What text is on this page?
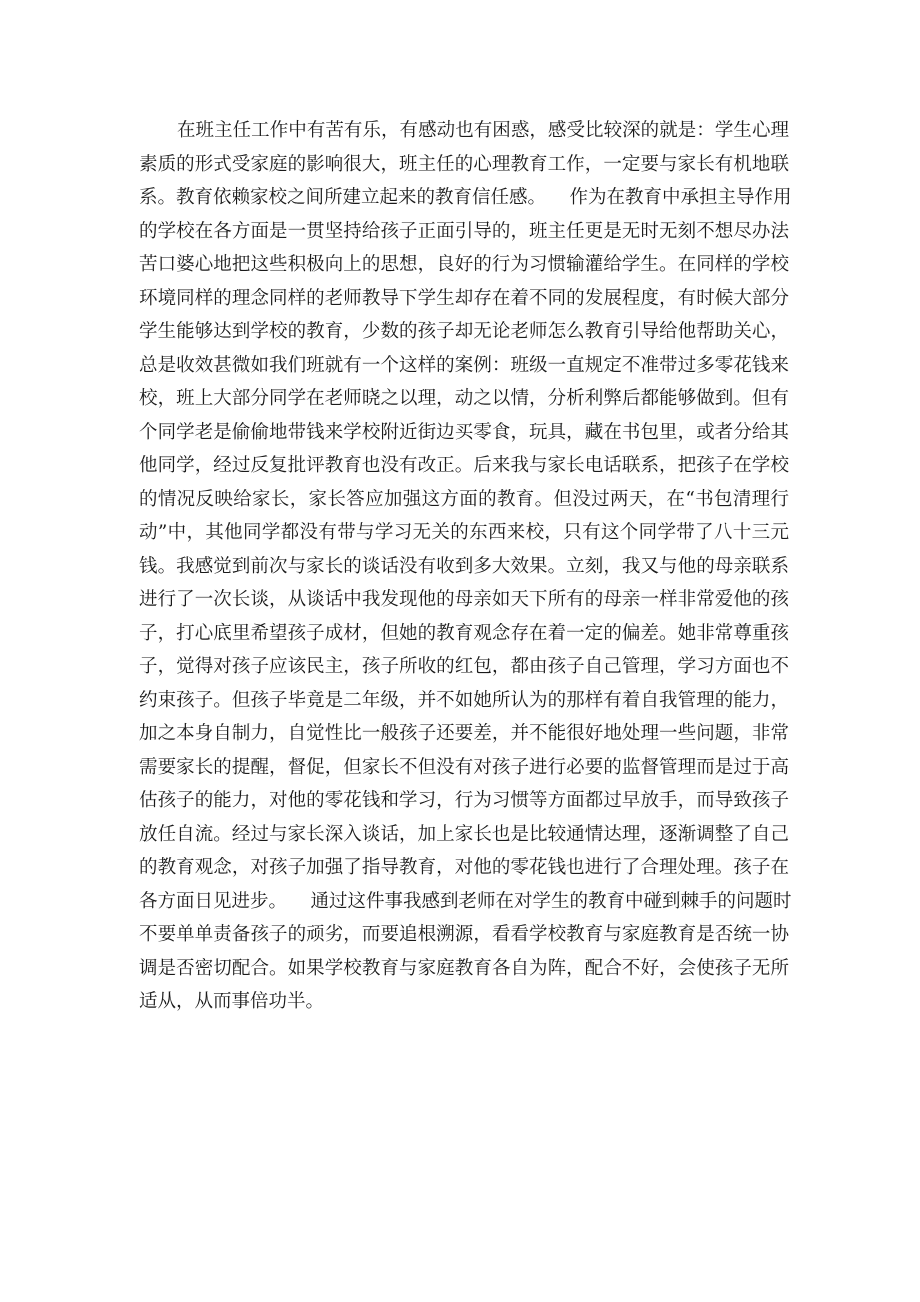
在班主任工作中有苦有乐，有感动也有困惑，感受比较深的就是：学生心理
素质的形式受家庭的影响很大，班主任的心理教育工作，一定要与家长有机地联
系。教育依赖家校之间所建立起来的教育信任感。    作为在教育中承担主导作用
的学校在各方面是一贯坚持给孩子正面引导的，班主任更是无时无刻不想尽办法
苦口婆心地把这些积极向上的思想，良好的行为习惯输灌给学生。在同样的学校
环境同样的理念同样的老师教导下学生却存在着不同的发展程度，有时候大部分
学生能够达到学校的教育，少数的孩子却无论老师怎么教育引导给他帮助关心，
总是收效甚微如我们班就有一个这样的案例：班级一直规定不准带过多零花钱来
校，班上大部分同学在老师晓之以理，动之以情，分析利弊后都能够做到。但有
个同学老是偷偷地带钱来学校附近街边买零食，玩具，藏在书包里，或者分给其
他同学，经过反复批评教育也没有改正。后来我与家长电话联系，把孩子在学校
的情况反映给家长，家长答应加强这方面的教育。但没过两天，在“书包清理行
动”中，其他同学都没有带与学习无关的东西来校，只有这个同学带了八十三元
钱。我感觉到前次与家长的谈话没有收到多大效果。立刻，我又与他的母亲联系
进行了一次长谈，从谈话中我发现他的母亲如天下所有的母亲一样非常爱他的孩
子，打心底里希望孩子成材，但她的教育观念存在着一定的偏差。她非常尊重孩
子，觉得对孩子应该民主，孩子所收的红包，都由孩子自己管理，学习方面也不
约束孩子。但孩子毕竟是二年级，并不如她所认为的那样有着自我管理的能力，
加之本身自制力，自觉性比一般孩子还要差，并不能很好地处理一些问题，非常
需要家长的提醒，督促，但家长不但没有对孩子进行必要的监督管理而是过于高
估孩子的能力，对他的零花钱和学习，行为习惯等方面都过早放手，而导致孩子
放任自流。经过与家长深入谈话，加上家长也是比较通情达理，逐渐调整了自己
的教育观念，对孩子加强了指导教育，对他的零花钱也进行了合理处理。孩子在
各方面日见进步。    通过这件事我感到老师在对学生的教育中碰到棘手的问题时
不要单单责备孩子的顽劣，而要追根溯源，看看学校教育与家庭教育是否统一协
调是否密切配合。如果学校教育与家庭教育各自为阵，配合不好，会使孩子无所
适从，从而事倍功半。
